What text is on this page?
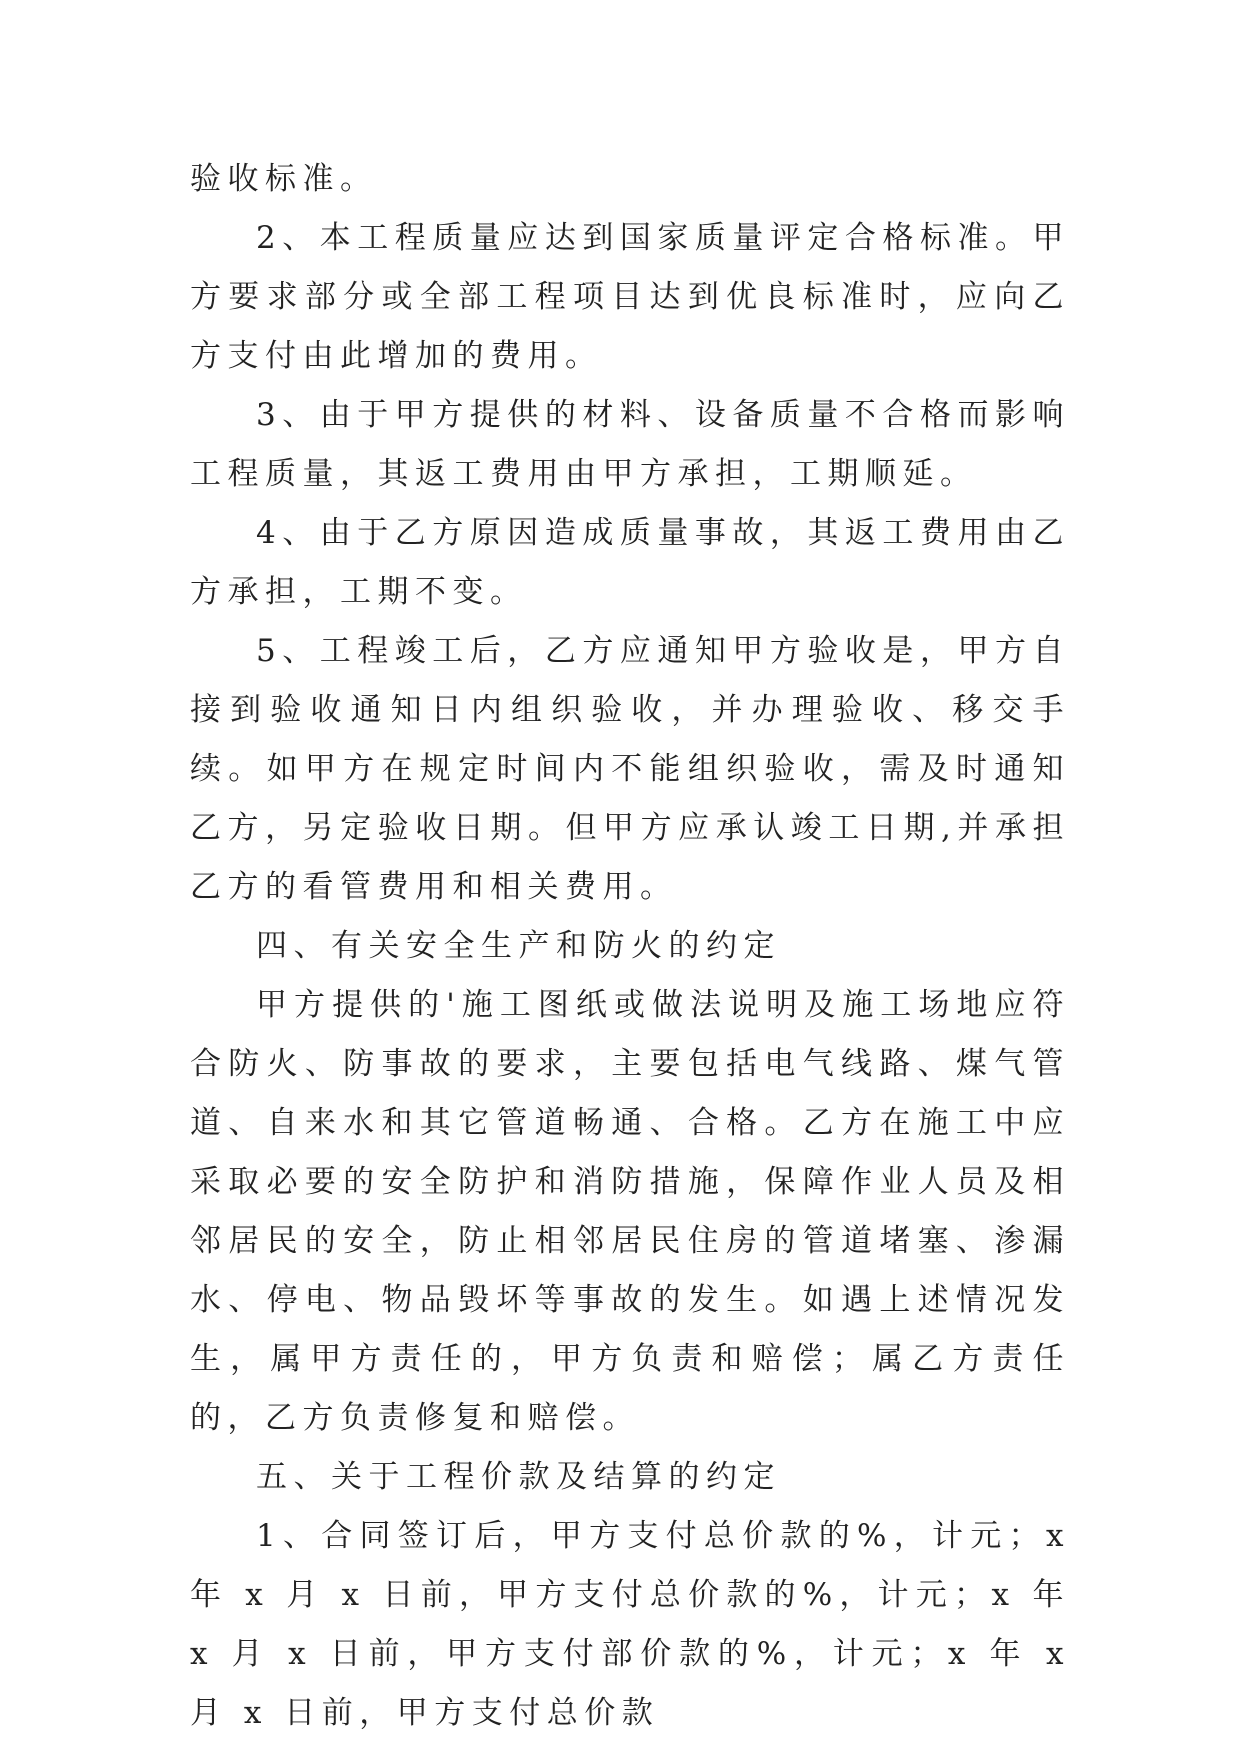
验收标准。

2、本工程质量应达到国家质量评定合格标准。甲方要求部分或全部工程项目达到优良标准时，应向乙方支付由此增加的费用。

3、由于甲方提供的材料、设备质量不合格而影响工程质量，其返工费用由甲方承担，工期顺延。

4、由于乙方原因造成质量事故，其返工费用由乙方承担，工期不变。

5、工程竣工后，乙方应通知甲方验收是，甲方自接到验收通知日内组织验收，并办理验收、移交手续。如甲方在规定时间内不能组织验收，需及时通知乙方，另定验收日期。但甲方应承认竣工日期,并承担乙方的看管费用和相关费用。

四、有关安全生产和防火的约定

甲方提供的'施工图纸或做法说明及施工场地应符合防火、防事故的要求，主要包括电气线路、煤气管道、自来水和其它管道畅通、合格。乙方在施工中应采取必要的安全防护和消防措施，保障作业人员及相邻居民的安全，防止相邻居民住房的管道堵塞、渗漏水、停电、物品毁坏等事故的发生。如遇上述情况发生，属甲方责任的，甲方负责和赔偿；属乙方责任的，乙方负责修复和赔偿。

五、关于工程价款及结算的约定

1、合同签订后，甲方支付总价款的%，计元；x 年 x 月 x 日前，甲方支付总价款的%，计元；x 年 x 月 x 日前，甲方支付部价款的%，计元；x 年 x 月 x 日前，甲方支付总价款
